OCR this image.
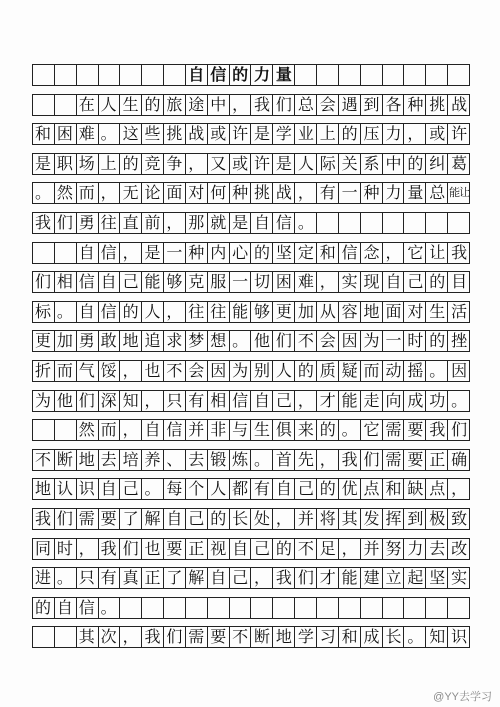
自 信 的 力 量

在 人 生 的 旅 途 中 ， 我 们 总 会 遇 到 各 种 挑 战
和 困 难 。 这 些 挑 战 或 许 是 学 业 上 的 压 力 ， 或 许
是 职 场 上 的 竞 争 ， 又 或 许 是 人 际 关 系 中 的 纠 葛
。 然 而 ， 无 论 面 对 何 种 挑 战 ， 有 一 种 力 量 总 能让
我 们 勇 往 直 前 ， 那 就 是 自 信 。

自 信 ， 是 一 种 内 心 的 坚 定 和 信 念 ， 它 让 我
们 相 信 自 己 能 够 克 服 一 切 困 难 ， 实 现 自 己 的 目
标 。 自 信 的 人 ， 往 往 能 够 更 加 从 容 地 面 对 生 活
更 加 勇 敢 地 追 求 梦 想 。 他 们 不 会 因 为 一 时 的 挫
折 而 气 馁 ， 也 不 会 因 为 别 人 的 质 疑 而 动 摇 。 因
为 他 们 深 知 ， 只 有 相 信 自 己 ， 才 能 走 向 成 功 。

然 而 ， 自 信 并 非 与 生 俱 来 的 。 它 需 要 我 们
不 断 地 去 培 养 、 去 锻 炼 。 首 先 ， 我 们 需 要 正 确
地 认 识 自 己 。 每 个 人 都 有 自 己 的 优 点 和 缺 点 ，
我 们 需 要 了 解 自 己 的 长 处 ， 并 将 其 发 挥 到 极 致
同 时 ， 我 们 也 要 正 视 自 己 的 不 足 ， 并 努 力 去 改
进 。 只 有 真 正 了 解 自 己 ， 我 们 才 能 建 立 起 坚 实
的 自 信 。

其 次 ， 我 们 需 要 不 断 地 学 习 和 成 长 。 知 识
@YY去学习
